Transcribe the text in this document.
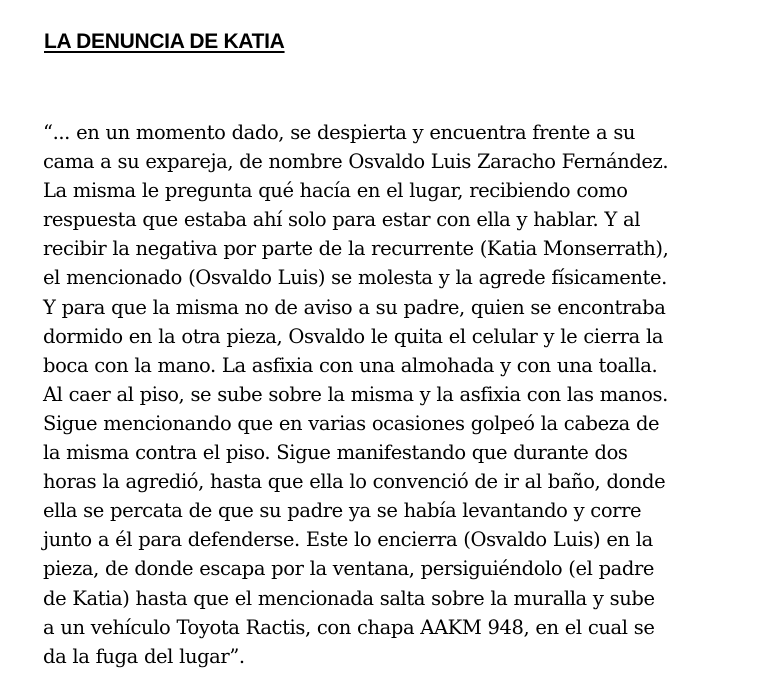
LA DENUNCIA DE KATIA
“... en un momento dado, se despierta y encuentra frente a su
cama a su expareja, de nombre Osvaldo Luis Zaracho Fernández.
La misma le pregunta qué hacía en el lugar, recibiendo como
respuesta que estaba ahí solo para estar con ella y hablar. Y al
recibir la negativa por parte de la recurrente (Katia Monserrath),
el mencionado (Osvaldo Luis) se molesta y la agrede físicamente.
Y para que la misma no de aviso a su padre, quien se encontraba
dormido en la otra pieza, Osvaldo le quita el celular y le cierra la
boca con la mano. La asfixia con una almohada y con una toalla.
Al caer al piso, se sube sobre la misma y la asfixia con las manos.
Sigue mencionando que en varias ocasiones golpeó la cabeza de
la misma contra el piso. Sigue manifestando que durante dos
horas la agredió, hasta que ella lo convenció de ir al baño, donde
ella se percata de que su padre ya se había levantando y corre
junto a él para defenderse. Este lo encierra (Osvaldo Luis) en la
pieza, de donde escapa por la ventana, persiguiéndolo (el padre
de Katia) hasta que el mencionada salta sobre la muralla y sube
a un vehículo Toyota Ractis, con chapa AAKM 948, en el cual se
da la fuga del lugar”.
